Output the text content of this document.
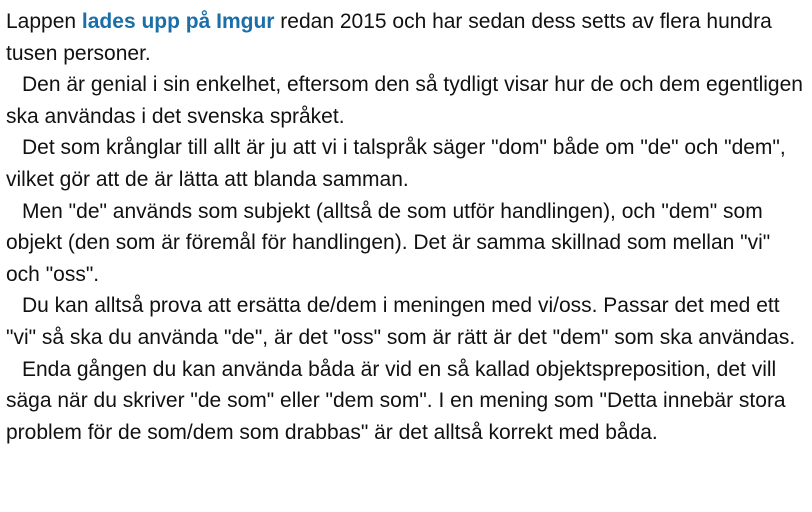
Lappen lades upp på Imgur redan 2015 och har sedan dess setts av flera hundra tusen personer.

Den är genial i sin enkelhet, eftersom den så tydligt visar hur de och dem egentligen ska användas i det svenska språket.

Det som krånglar till allt är ju att vi i talspråk säger "dom" både om "de" och "dem", vilket gör att de är lätta att blanda samman.

Men "de" används som subjekt (alltså de som utför handlingen), och "dem" som objekt (den som är föremål för handlingen). Det är samma skillnad som mellan "vi" och "oss".

Du kan alltså prova att ersätta de/dem i meningen med vi/oss. Passar det med ett "vi" så ska du använda "de", är det "oss" som är rätt är det "dem" som ska användas.

Enda gången du kan använda båda är vid en så kallad objektspreposition, det vill säga när du skriver "de som" eller "dem som". I en mening som "Detta innebär stora problem för de som/dem som drabbas" är det alltså korrekt med båda.
